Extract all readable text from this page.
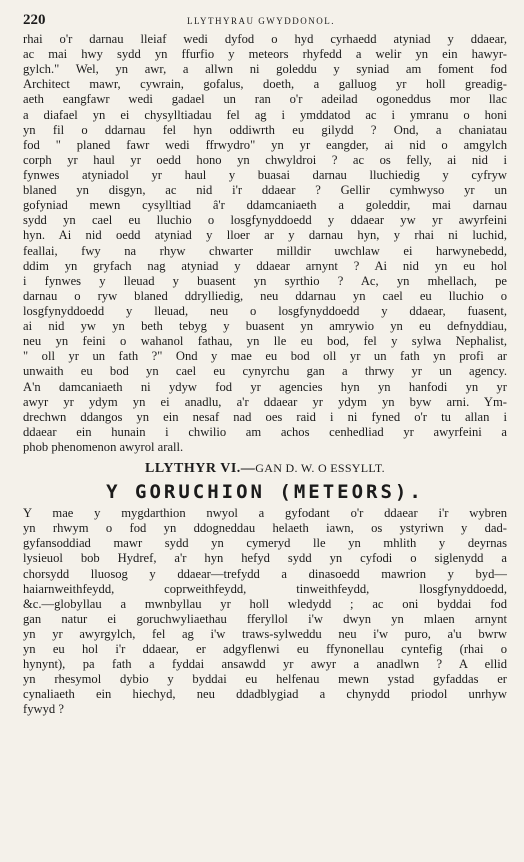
220	LLYTHYRAU GWYDDONOL.
rhai o'r darnau lleiaf wedi dyfod o hyd cyrhaedd atyniad y ddaear,
ac mai hwy sydd yn ffurfio y meteors rhyfedd a welir yn ein hawyr-
gylch." Wel, yn awr, a allwn ni goleddu y syniad am foment fod
Architect mawr, cywrain, gofalus, doeth, a galluog yr holl greadig-
aeth eangfawr wedi gadael un ran o'r adeilad ogoneddus mor llac
a diafael yn ei chysylltiadau fel ag i ymddatod ac i ymranu o honi
yn fil o ddarnau fel hyn oddiwrth eu gilydd ? Ond, a chaniatau
fod " planed fawr wedi ffrwydro" yn yr eangder, ai nid o amgylch
corph yr haul yr oedd hono yn chwyldroi ? ac os felly, ai nid i
fynwes atyniadol yr haul y buasai darnau lluchiedig y cyfryw
blaned yn disgyn, ac nid i'r ddaear ? Gellir cymhwyso yr un
gofyniad mewn cysylltiad â'r ddamcaniaeth a goleddir, mai darnau
sydd yn cael eu lluchio o losgfynyddoedd y ddaear yw yr awyrfeini
hyn. Ai nid oedd atyniad y lloer ar y darnau hyn, y rhai ni luchid,
feallai, fwy na rhyw chwarter milldir uwchlaw ei harwynebedd,
ddim yn gryfach nag atyniad y ddaear arnynt ? Ai nid yn eu hol
i fynwes y lleuad y buasent yn syrthio ? Ac, yn mhellach, pe
darnau o ryw blaned ddrylliedig, neu ddarnau yn cael eu lluchio o
losgfynyddoedd y lleuad, neu o losgfynyddoedd y ddaear, fuasent,
ai nid yw yn beth tebyg y buasent yn amrywio yn eu defnyddiau,
neu yn feini o wahanol fathau, yn lle eu bod, fel y sylwa Nephalist,
" oll yr un fath ?" Ond y mae eu bod oll yr un fath yn profi ar
unwaith eu bod yn cael eu cynyrchu gan a thrwy yr un agency.
A'n damcaniaeth ni ydyw fod yr agencies hyn yn hanfodi yn yr
awyr yr ydym yn ei anadlu, a'r ddaear yr ydym yn byw arni. Ym-
drechwn ddangos yn ein nesaf nad oes raid i ni fyned o'r tu allan i
ddaear ein hunain i chwilio am achos cenhedliad yr awyrfeini a
phob phenomenon awyrol arall.
LLYTHYR VI.—GAN D. W. O ESSYLLT.
Y GORUCHION (METEORS).
Y mae y mygdarthion nwyol a gyfodant o'r ddaear i'r wybren
yn rhwym o fod yn ddogneddau helaeth iawn, os ystyriwn y dad-
gyfansoddiad mawr sydd yn cymeryd lle yn mhlith y deyrnas
lysieuol bob Hydref, a'r hyn hefyd sydd yn cyfodi o siglenydd a
chorsydd lluosog y ddaear—trefydd a dinasoedd mawrion y byd—
haiarnweithfeydd, coprweithfeydd, tinweithfeydd, llosgfynyddoedd,
&c.—globyllau a mwnbyllau yr holl wledydd ; ac oni byddai fod
gan natur ei goruchwyliaethau fferyllol i'w dwyn yn mlaen arnynt
yn yr awyrgylch, fel ag i'w traws-sylweddu neu i'w puro, a'u bwrw
yn eu hol i'r ddaear, er adgyflenwi eu ffynonellau cyntefig (rhai o
hynynt), pa fath a fyddai ansawdd yr awyr a anadlwn ? A ellid
yn rhesymol dybio y byddai eu helfenau mewn ystad gyfaddas er
cynaliaeth ein hiechyd, neu ddadblygiad a chynydd priodol unrhyw
fywyd ?
